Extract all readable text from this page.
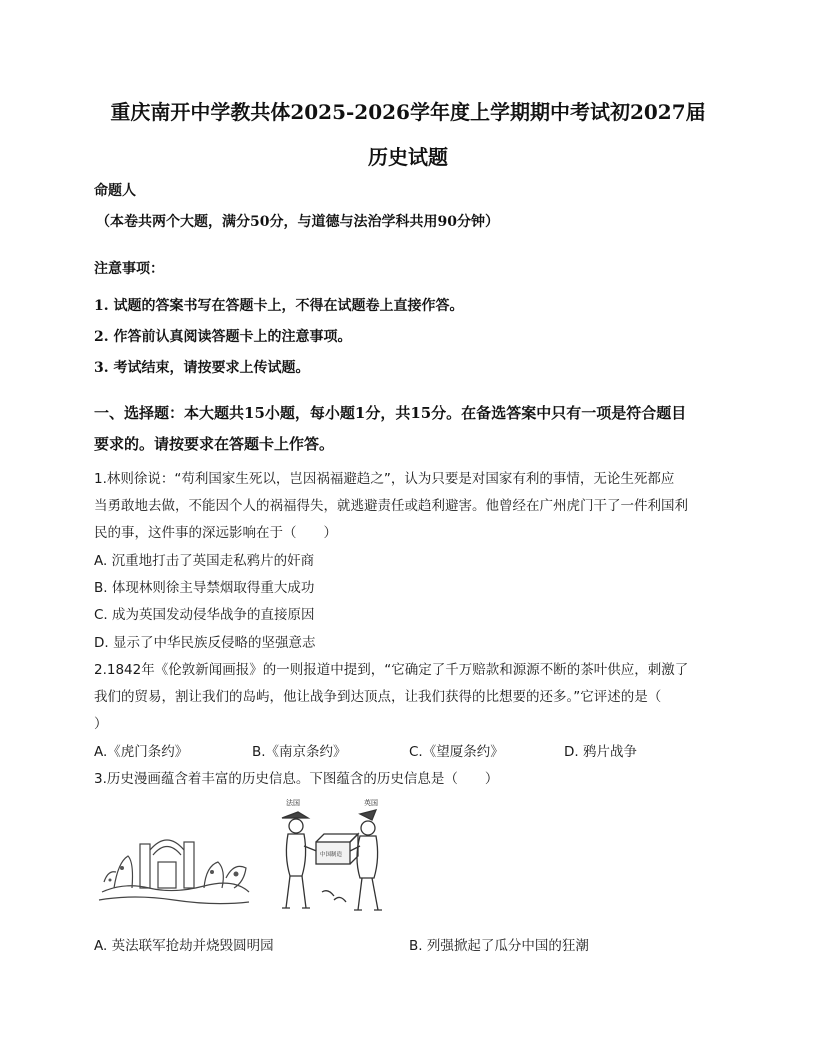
重庆南开中学教共体2025-2026学年度上学期期中考试初2027届
历史试题
命题人
（本卷共两个大题，满分50分，与道德与法治学科共用90分钟）
注意事项：
1. 试题的答案书写在答题卡上，不得在试题卷上直接作答。
2. 作答前认真阅读答题卡上的注意事项。
3. 考试结束，请按要求上传试题。
一、选择题：本大题共15小题，每小题1分，共15分。在备选答案中只有一项是符合题目
要求的。请按要求在答题卡上作答。
1.林则徐说：“苟利国家生死以，岂因祸福避趋之”，认为只要是对国家有利的事情，无论生死都应
当勇敢地去做，不能因个人的祸福得失，就逃避责任或趋利避害。他曾经在广州虎门干了一件利国利
民的事，这件事的深远影响在于（　　）
A. 沉重地打击了英国走私鸦片的奸商
B. 体现林则徐主导禁烟取得重大成功
C. 成为英国发动侵华战争的直接原因
D. 显示了中华民族反侵略的坚强意志
2.1842年《伦敦新闻画报》的一则报道中提到，“它确定了千万赔款和源源不断的茶叶供应，刺激了
我们的贸易，割让我们的岛屿，他让战争到达顶点，让我们获得的比想要的还多。”它评述的是（
）
A.《虎门条约》	B.《南京条约》	C.《望厦条约》	D. 鸦片战争
3.历史漫画蕴含着丰富的历史信息。下图蕴含的历史信息是（　　）
法国	英国
中国制造
A. 英法联军抢劫并烧毁圆明园	B. 列强掀起了瓜分中国的狂潮
